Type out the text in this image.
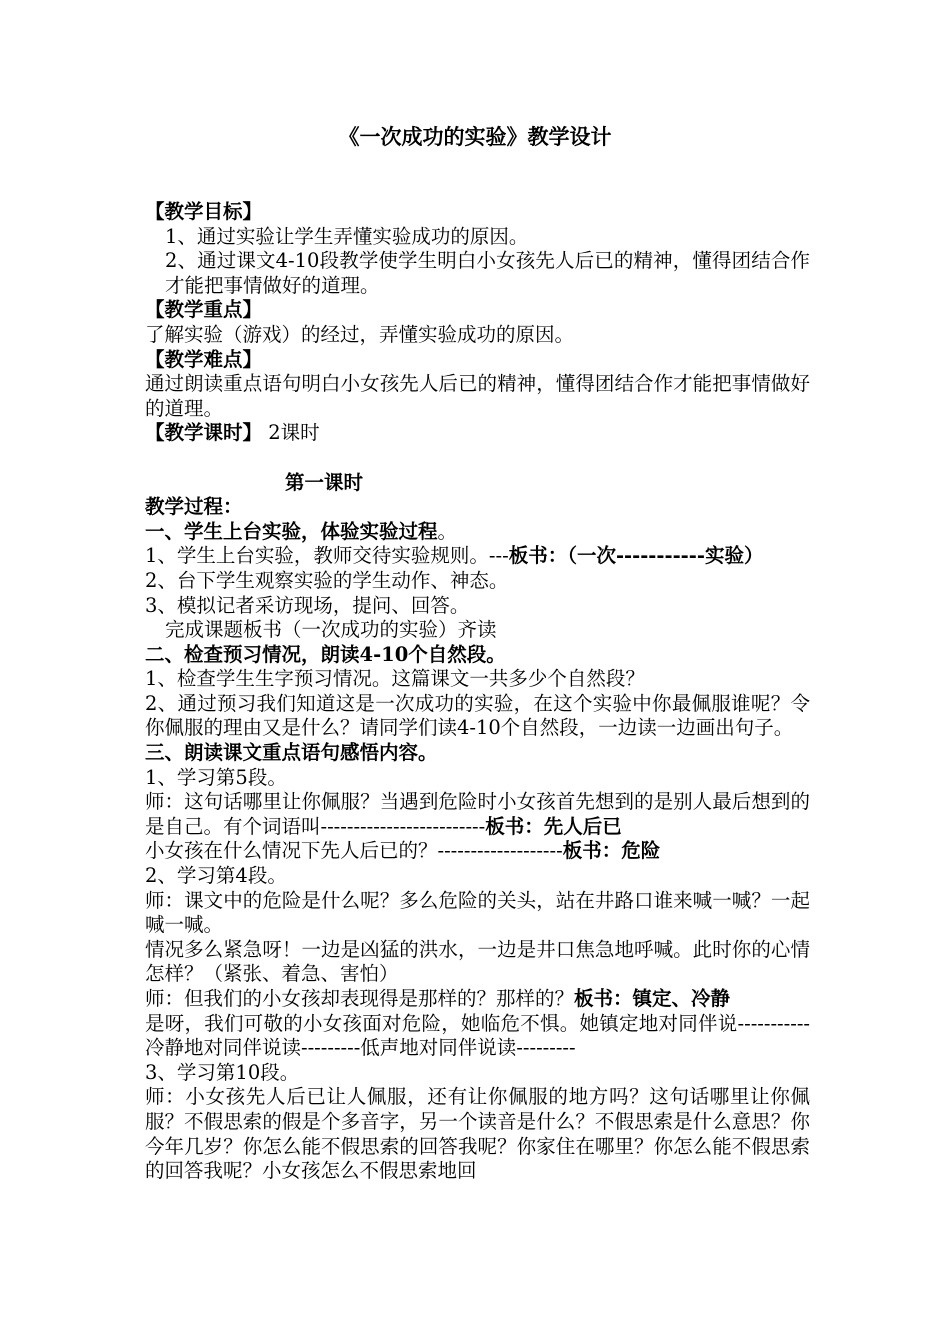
《一次成功的实验》教学设计

【教学目标】

1、通过实验让学生弄懂实验成功的原因。

2、通过课文4-10段教学使学生明白小女孩先人后已的精神，懂得团结合作才能把事情做好的道理。

【教学重点】

了解实验（游戏）的经过，弄懂实验成功的原因。

【教学难点】

通过朗读重点语句明白小女孩先人后已的精神，懂得团结合作才能把事情做好的道理。

【教学课时】 2课时

第一课时

教学过程：

一、学生上台实验，体验实验过程。

1、学生上台实验，教师交待实验规则。---板书：（一次-----------实验）

2、台下学生观察实验的学生动作、神态。

3、模拟记者采访现场，提问、回答。

完成课题板书（一次成功的实验）齐读

二、检查预习情况，朗读4-10个自然段。

1、检查学生生字预习情况。这篇课文一共多少个自然段？

2、通过预习我们知道这是一次成功的实验，在这个实验中你最佩服谁呢？令你佩服的理由又是什么？请同学们读4-10个自然段，一边读一边画出句子。

三、朗读课文重点语句感悟内容。

1、学习第5段。

师：这句话哪里让你佩服？当遇到危险时小女孩首先想到的是别人最后想到的是自己。有个词语叫-------------------------板书：先人后已

小女孩在什么情况下先人后已的？-------------------板书：危险

2、学习第4段。

师：课文中的危险是什么呢？多么危险的关头，站在井路口谁来喊一喊？一起喊一喊。

情况多么紧急呀！一边是凶猛的洪水，一边是井口焦急地呼喊。此时你的心情怎样？（紧张、着急、害怕）

师：但我们的小女孩却表现得是那样的？那样的？板书：镇定、冷静

是呀，我们可敬的小女孩面对危险，她临危不惧。她镇定地对同伴说-----------冷静地对同伴说读---------低声地对同伴说读---------

3、学习第10段。

师：小女孩先人后已让人佩服，还有让你佩服的地方吗？这句话哪里让你佩服？不假思索的假是个多音字，另一个读音是什么？不假思索是什么意思？你今年几岁？你怎么能不假思索的回答我呢？你家住在哪里？你怎么能不假思索的回答我呢？小女孩怎么不假思索地回
